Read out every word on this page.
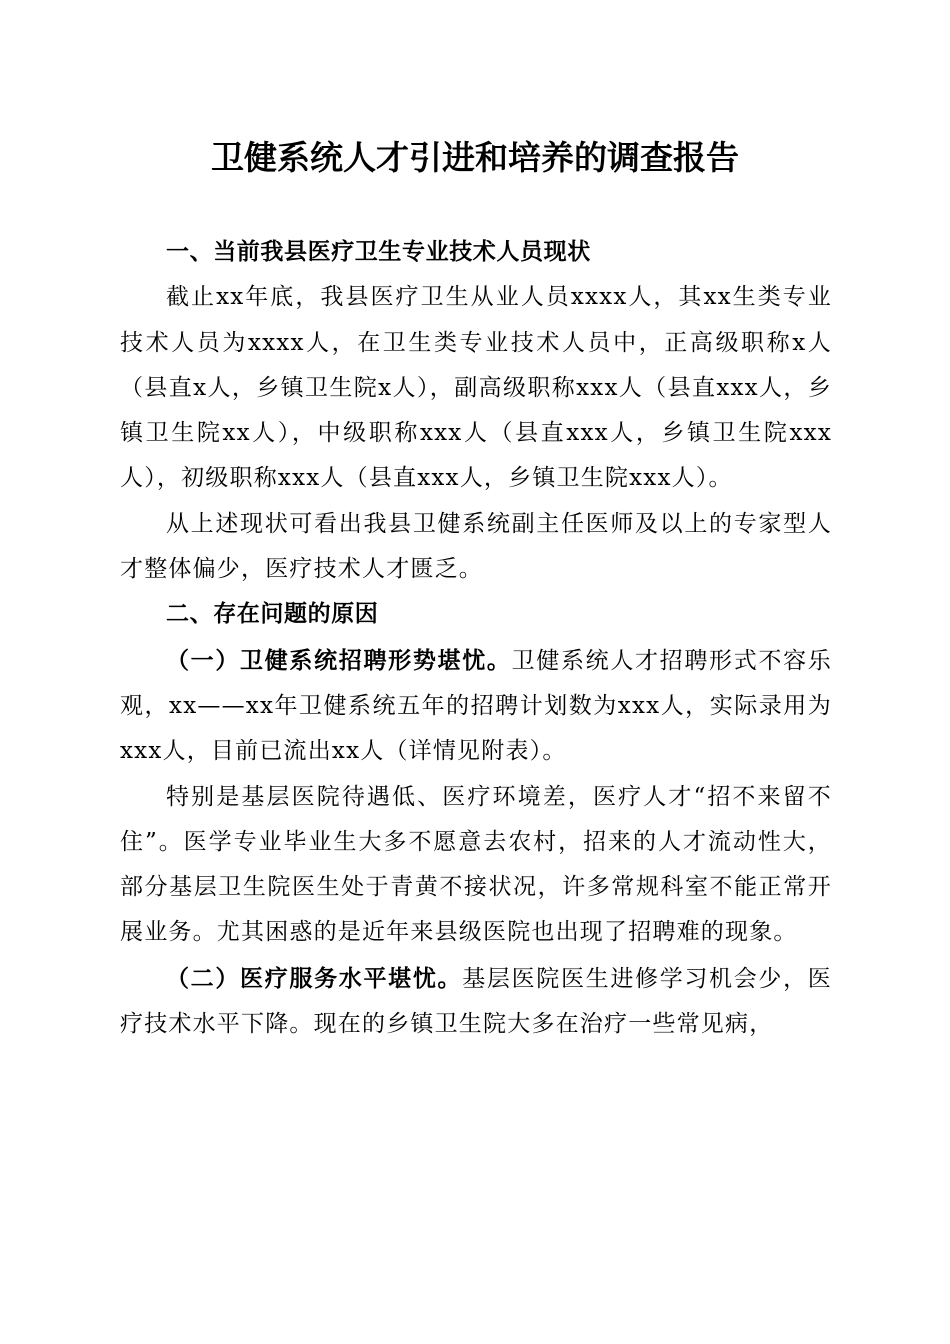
卫健系统人才引进和培养的调查报告
一、当前我县医疗卫生专业技术人员现状

截止xx年底，我县医疗卫生从业人员xxxx人，其xx生类专业技术人员为xxxx人，在卫生类专业技术人员中，正高级职称x人（县直x人，乡镇卫生院x人），副高级职称xxx人（县直xxx人，乡镇卫生院xx人），中级职称xxx人（县直xxx人，乡镇卫生院xxx人），初级职称xxx人（县直xxx人，乡镇卫生院xxx人）。

从上述现状可看出我县卫健系统副主任医师及以上的专家型人才整体偏少，医疗技术人才匮乏。

二、存在问题的原因

（一）卫健系统招聘形势堪忧。卫健系统人才招聘形式不容乐观，xx——xx年卫健系统五年的招聘计划数为xxx人，实际录用为xxx人，目前已流出xx人（详情见附表）。

特别是基层医院待遇低、医疗环境差，医疗人才“招不来留不住”。医学专业毕业生大多不愿意去农村，招来的人才流动性大，部分基层卫生院医生处于青黄不接状况，许多常规科室不能正常开展业务。尤其困惑的是近年来县级医院也出现了招聘难的现象。

（二）医疗服务水平堪忧。基层医院医生进修学习机会少，医疗技术水平下降。现在的乡镇卫生院大多在治疗一些常见病，
